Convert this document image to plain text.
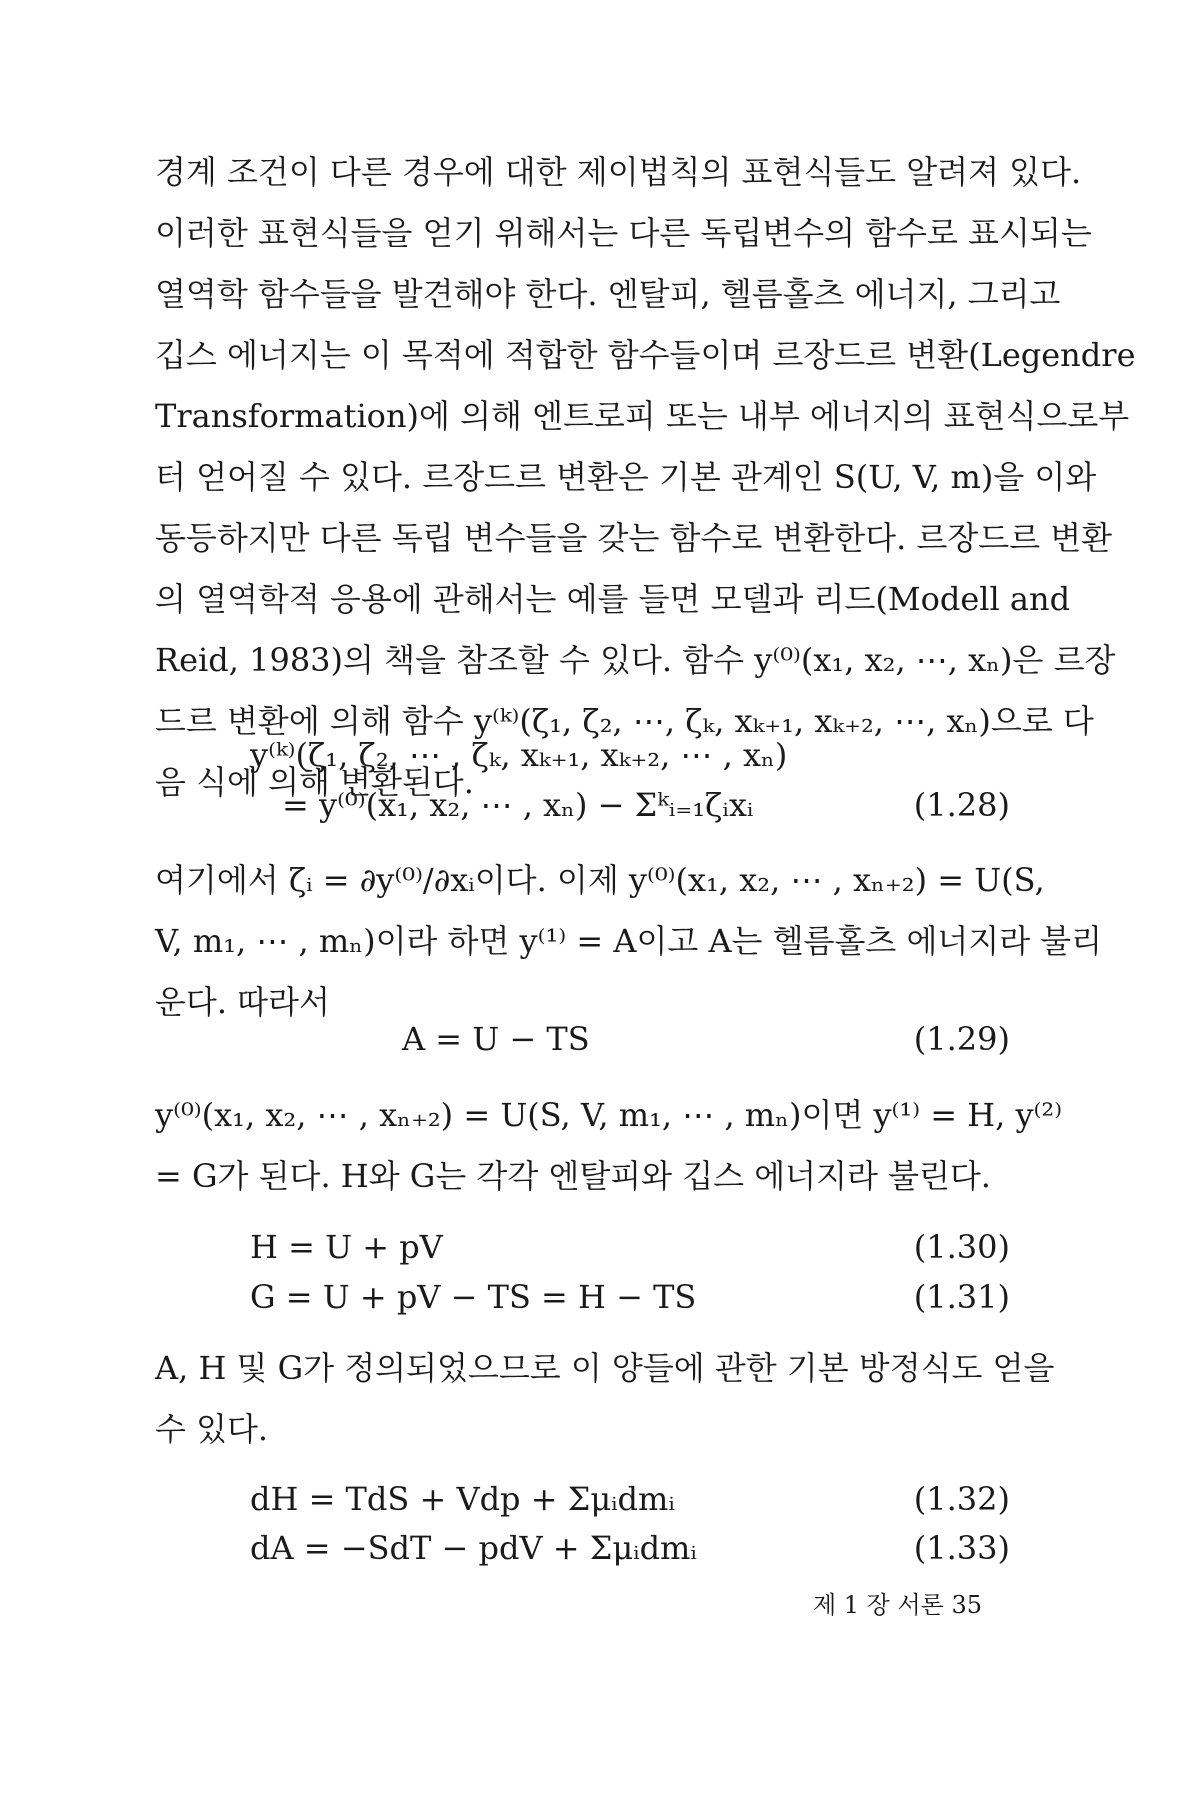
경계 조건이 다른 경우에 대한 제이법칙의 표현식들도 알려져 있다.
이러한 표현식들을 얻기 위해서는 다른 독립변수의 함수로 표시되는
열역학 함수들을 발견해야 한다. 엔탈피, 헬름홀츠 에너지, 그리고
깁스 에너지는 이 목적에 적합한 함수들이며 르장드르 변환(Legendre
Transformation)에 의해 엔트로피 또는 내부 에너지의 표현식으로부
터 얻어질 수 있다. 르장드르 변환은 기본 관계인 S(U, V, m)을 이와
동등하지만 다른 독립 변수들을 갖는 함수로 변환한다. 르장드르 변환
의 열역학적 응용에 관해서는 예를 들면 모델과 리드(Modell and
Reid, 1983)의 책을 참조할 수 있다. 함수 y⁽⁰⁾(x₁, x₂, ⋯, xₙ)은 르장
드르 변환에 의해 함수 y⁽ᵏ⁾(ζ₁, ζ₂, ⋯, ζₖ, xₖ₊₁, xₖ₊₂, ⋯, xₙ)으로 다
음 식에 의해 변환된다.
y⁽ᵏ⁾(ζ₁, ζ₂, ⋯ , ζₖ, xₖ₊₁, xₖ₊₂, ⋯ , xₙ)
= y⁽⁰⁾(x₁, x₂, ⋯ , xₙ) − Σᵏᵢ₌₁ζᵢxᵢ	(1.28)
여기에서 ζᵢ = ∂y⁽⁰⁾/∂xᵢ이다. 이제 y⁽⁰⁾(x₁, x₂, ⋯ , xₙ₊₂) = U(S,
V, m₁, ⋯ , mₙ)이라 하면 y⁽¹⁾ = A이고 A는 헬름홀츠 에너지라 불리
운다. 따라서
A = U − TS	(1.29)
y⁽⁰⁾(x₁, x₂, ⋯ , xₙ₊₂) = U(S, V, m₁, ⋯ , mₙ)이면 y⁽¹⁾ = H, y⁽²⁾
= G가 된다. H와 G는 각각 엔탈피와 깁스 에너지라 불린다.
H = U + pV	(1.30)
G = U + pV − TS = H − TS	(1.31)
A, H 및 G가 정의되었으므로 이 양들에 관한 기본 방정식도 얻을
수 있다.
dH = TdS + Vdp + Σμᵢdmᵢ	(1.32)
dA = −SdT − pdV + Σμᵢdmᵢ	(1.33)
제 1 장 서론 35
